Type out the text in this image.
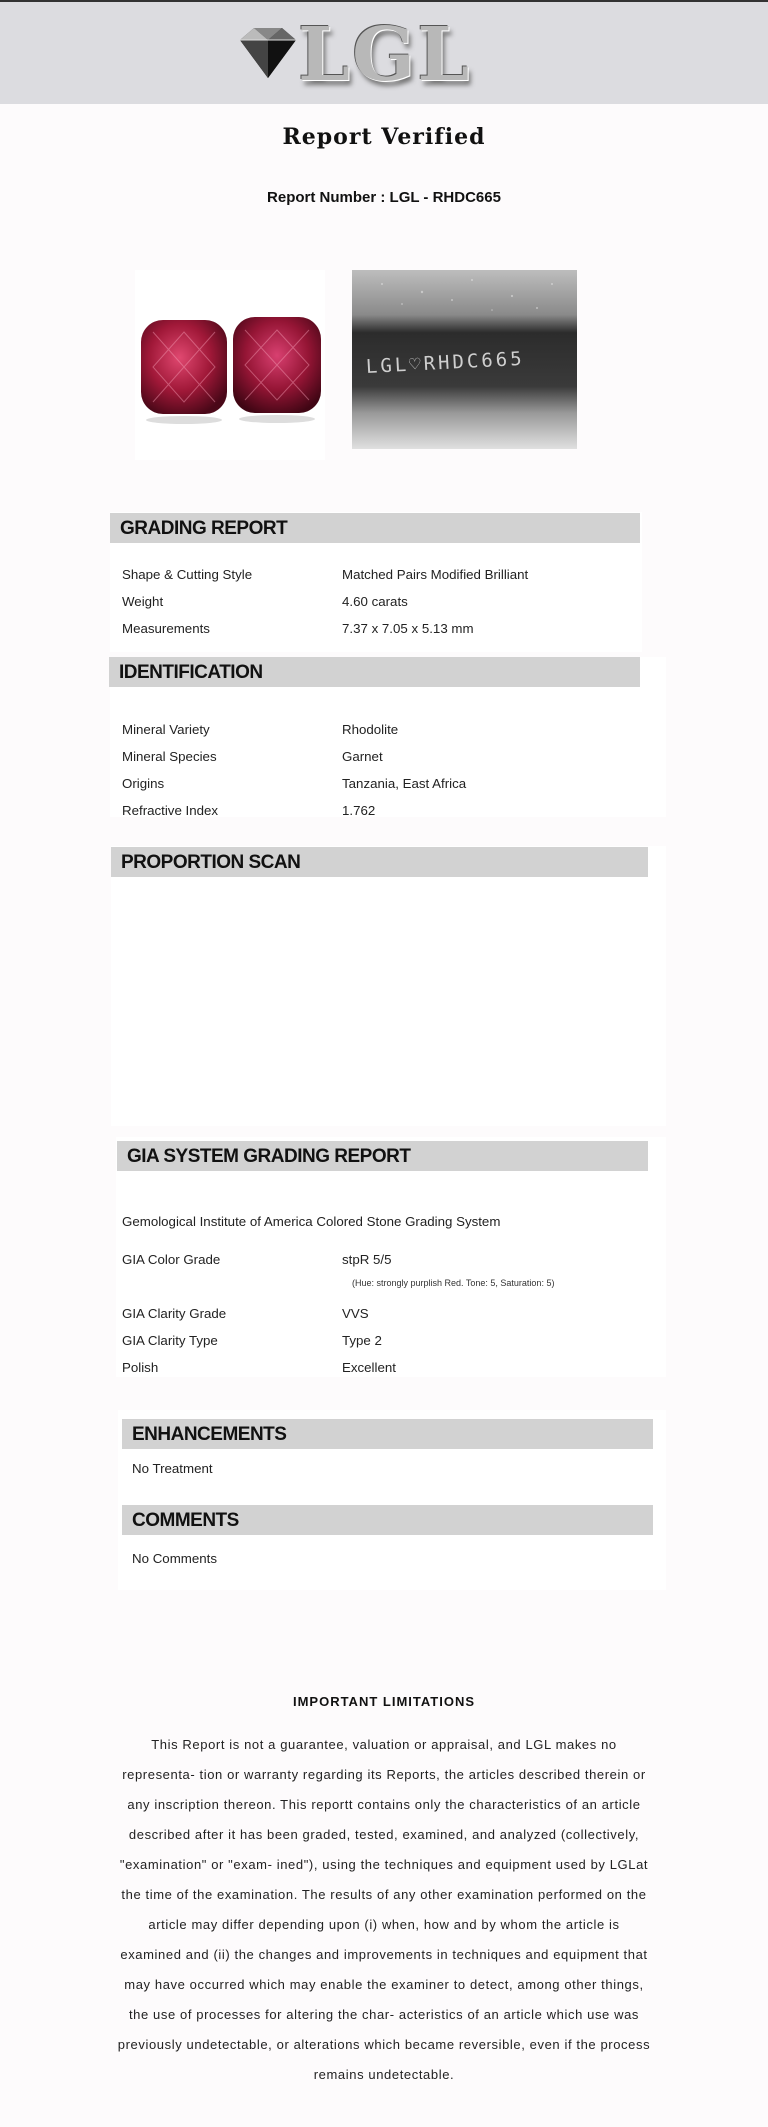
LGL
Report Verified
Report Number : LGL - RHDC665
LGL♡RHDC665
GRADING REPORT
Shape & Cutting Style	Matched Pairs Modified Brilliant
Weight	4.60 carats
Measurements	7.37 x 7.05 x 5.13 mm
IDENTIFICATION
Mineral Variety	Rhodolite
Mineral Species	Garnet
Origins	Tanzania, East Africa
Refractive Index	1.762
PROPORTION SCAN
GIA SYSTEM GRADING REPORT
Gemological Institute of America Colored Stone Grading System
GIA Color Grade	stpR 5/5
(Hue: strongly purplish Red. Tone: 5, Saturation: 5)
GIA Clarity Grade	VVS
GIA Clarity Type	Type 2
Polish	Excellent
ENHANCEMENTS
No Treatment
COMMENTS
No Comments
IMPORTANT LIMITATIONS
This Report is not a guarantee, valuation or appraisal, and LGL makes no representa- tion or warranty regarding its Reports, the articles described therein or any inscription thereon. This reportt contains only the characteristics of an article described after it has been graded, tested, examined, and analyzed (collectively, "examination" or "exam- ined"), using the techniques and equipment used by LGLat the time of the examination. The results of any other examination performed on the article may differ depending upon (i) when, how and by whom the article is examined and (ii) the changes and improvements in techniques and equipment that may have occurred which may enable the examiner to detect, among other things, the use of processes for altering the char- acteristics of an article which use was previously undetectable, or alterations which became reversible, even if the process remains undetectable.
